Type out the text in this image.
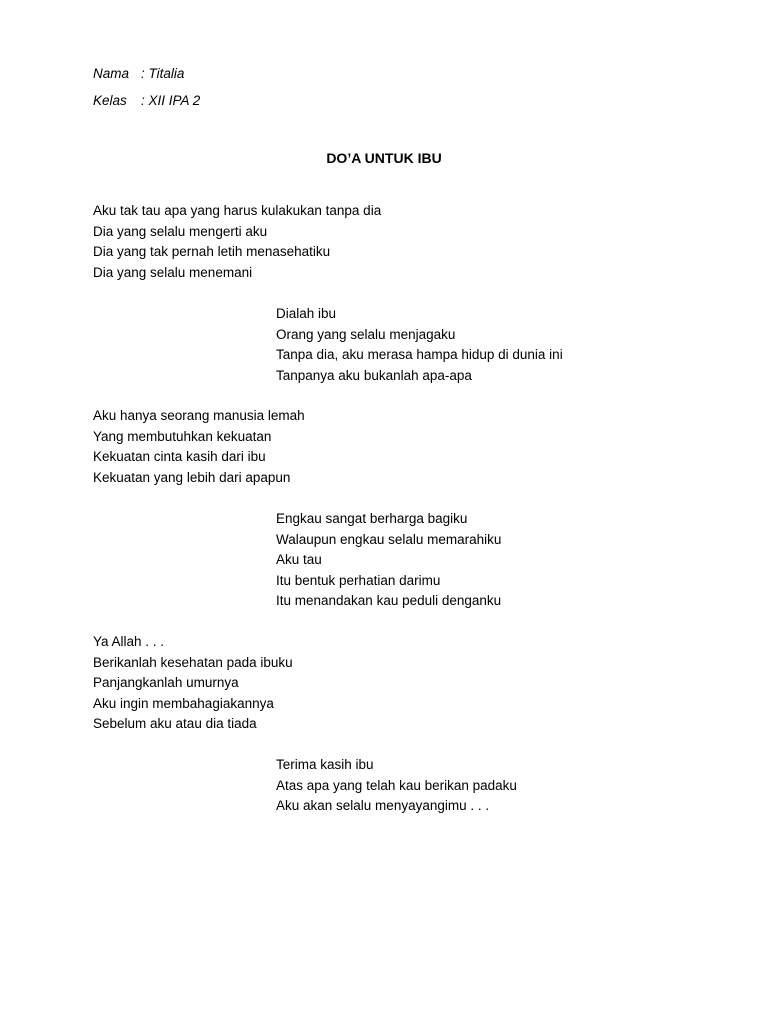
Nama : Titalia
Kelas : XII IPA 2
DO’A UNTUK IBU
Aku tak tau apa yang harus kulakukan tanpa dia
Dia yang selalu mengerti aku
Dia yang tak pernah letih menasehatiku
Dia yang selalu menemani
Dialah ibu
Orang yang selalu menjagaku
Tanpa dia, aku merasa hampa hidup di dunia ini
Tanpanya aku bukanlah apa-apa
Aku hanya seorang manusia lemah
Yang membutuhkan kekuatan
Kekuatan cinta kasih dari ibu
Kekuatan yang lebih dari apapun
Engkau sangat berharga bagiku
Walaupun engkau selalu memarahiku
Aku tau
Itu bentuk perhatian darimu
Itu menandakan kau peduli denganku
Ya Allah . . .
Berikanlah kesehatan pada ibuku
Panjangkanlah umurnya
Aku ingin membahagiakannya
Sebelum aku atau dia tiada
Terima kasih ibu
Atas apa yang telah kau berikan padaku
Aku akan selalu menyayangimu . . .
